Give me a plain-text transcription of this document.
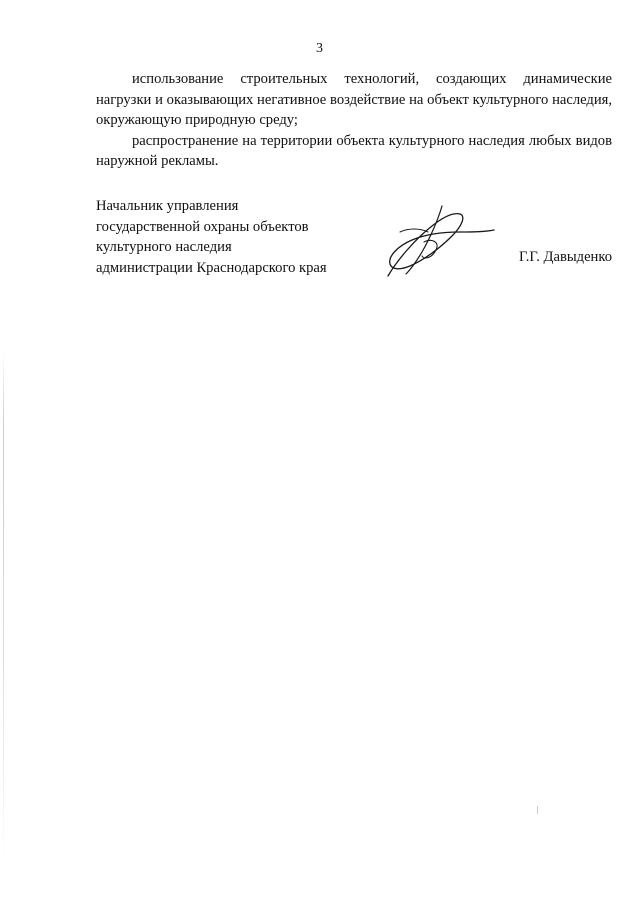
3

использование строительных технологий, создающих динамические нагрузки и оказывающих негативное воздействие на объект культурного наследия, окружающую природную среду;

распространение на территории объекта культурного наследия любых видов наружной рекламы.

Начальник управления
государственной охраны объектов
культурного наследия
администрации Краснодарского края
Г.Г. Давыденко
